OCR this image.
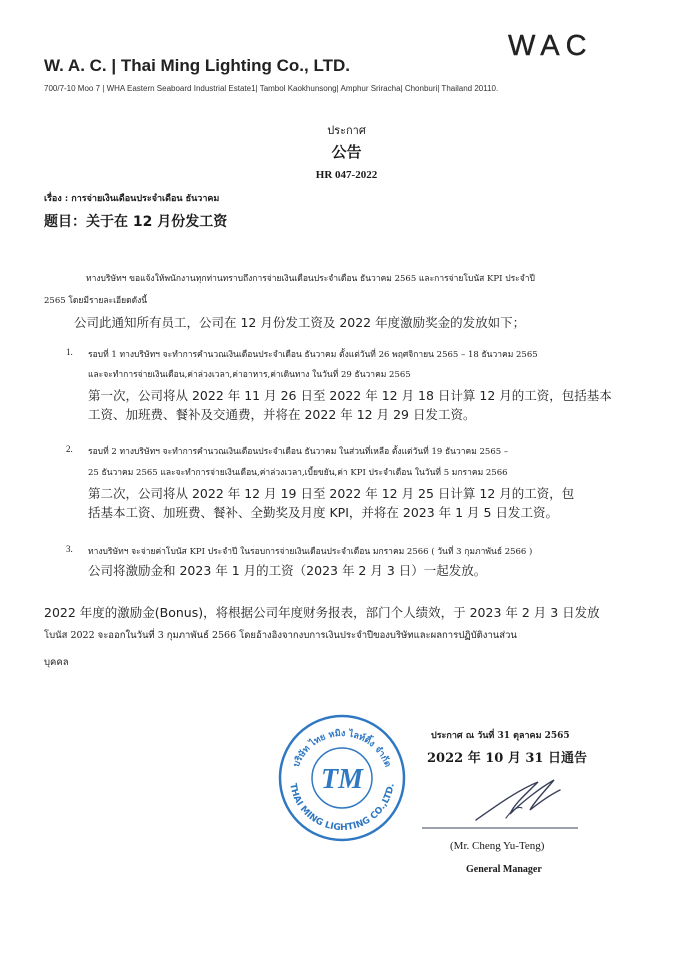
W. A. C. | Thai Ming Lighting Co., LTD.
700/7-10 Moo 7 | WHA Eastern Seaboard Industrial Estate1| Tambol Kaokhunsong| Amphur Sriracha| Chonburi| Thailand 20110.
WAC
ประกาศ
公告
HR 047-2022
เรื่อง : การจ่ายเงินเดือนประจำเดือน ธันวาคม
题目：关于在 12 月份发工资
ทางบริษัทฯ ขอแจ้งให้พนักงานทุกท่านทราบถึงการจ่ายเงินเดือนประจำเดือน ธันวาคม 2565 และการจ่ายโบนัส KPI ประจำปี
2565 โดยมีรายละเอียดดังนี้
公司此通知所有员工，公司在 12 月份发工资及 2022 年度激励奖金的发放如下；
1. รอบที่ 1 ทางบริษัทฯ จะทำการคำนวณเงินเดือนประจำเดือน ธันวาคม ตั้งแต่วันที่ 26 พฤศจิกายน 2565 – 18 ธันวาคม 2565
และจะทำการจ่ายเงินเดือน,ค่าล่วงเวลา,ค่าอาหาร,ค่าเดินทาง ในวันที่ 29 ธันวาคม 2565
第一次，公司将从 2022 年 11 月 26 日至 2022 年 12 月 18 日计算 12 月的工资，包括基本
工资、加班费、餐补及交通费，并将在 2022 年 12 月 29 日发工资。
2. รอบที่ 2 ทางบริษัทฯ จะทำการคำนวณเงินเดือนประจำเดือน ธันวาคม ในส่วนที่เหลือ ตั้งแต่วันที่ 19 ธันวาคม 2565 –
25 ธันวาคม 2565 และจะทำการจ่ายเงินเดือน,ค่าล่วงเวลา,เบี้ยขยัน,ค่า KPI ประจำเดือน ในวันที่ 5 มกราคม 2566
第二次，公司将从 2022 年 12 月 19 日至 2022 年 12 月 25 日计算 12 月的工资，包
括基本工资、加班费、餐补、全勤奖及月度 KPI，并将在 2023 年 1 月 5 日发工资。
3. ทางบริษัทฯ จะจ่ายค่าโบนัส KPI ประจำปี ในรอบการจ่ายเงินเดือนประจำเดือน มกราคม 2566 ( วันที่ 3 กุมภาพันธ์ 2566 )
公司将激励金和 2023 年 1 月的工资（2023 年 2 月 3 日）一起发放。
2022 年度的激励金(Bonus)，将根据公司年度财务报表，部门个人绩效，于 2023 年 2 月 3 日发放
โบนัส 2022 จะออกในวันที่ 3 กุมภาพันธ์ 2566 โดยอ้างอิงจากงบการเงินประจำปีของบริษัทและผลการปฏิบัติงานส่วน
บุคคล
บริษัท ไทย หมิง ไลท์ติ้ง จำกัด
THAI MING LIGHTING CO.,LTD.
TM
ประกาศ ณ วันที่ 31 ตุลาคม 2565
2022 年 10 月 31 日通告
(Mr. Cheng Yu-Teng)
General Manager
